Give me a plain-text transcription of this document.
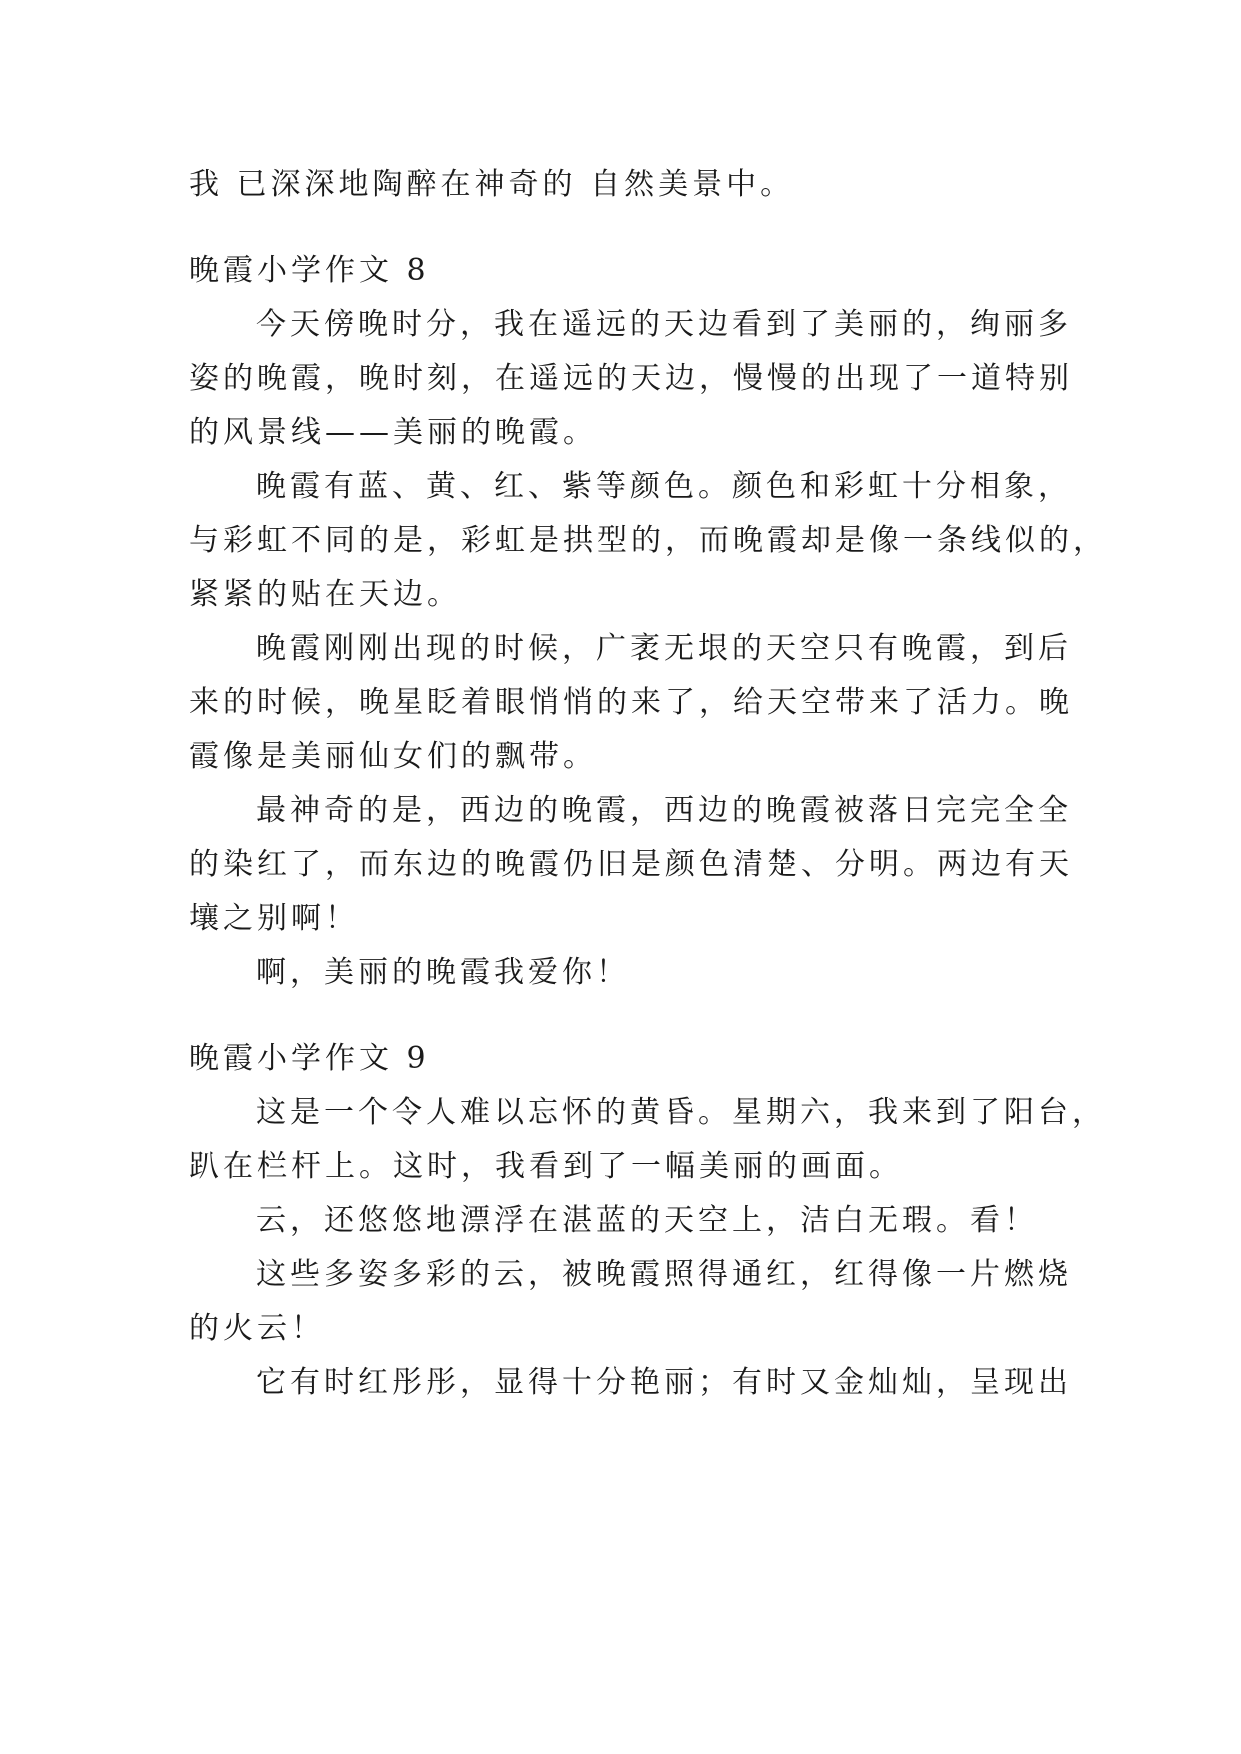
我 已深深地陶醉在神奇的 自然美景中。
晚霞小学作文 8
今天傍晚时分，我在遥远的天边看到了美丽的，绚丽多
姿的晚霞，晚时刻，在遥远的天边，慢慢的出现了一道特别
的风景线——美丽的晚霞。
晚霞有蓝、黄、红、紫等颜色。颜色和彩虹十分相象，
与彩虹不同的是，彩虹是拱型的，而晚霞却是像一条线似的，
紧紧的贴在天边。
晚霞刚刚出现的时候，广袤无垠的天空只有晚霞，到后
来的时候，晚星眨着眼悄悄的来了，给天空带来了活力。晚
霞像是美丽仙女们的飘带。
最神奇的是，西边的晚霞，西边的晚霞被落日完完全全
的染红了，而东边的晚霞仍旧是颜色清楚、分明。两边有天
壤之别啊！
啊，美丽的晚霞我爱你！
晚霞小学作文 9
这是一个令人难以忘怀的黄昏。星期六，我来到了阳台，
趴在栏杆上。这时，我看到了一幅美丽的画面。
云，还悠悠地漂浮在湛蓝的天空上，洁白无瑕。看！
这些多姿多彩的云，被晚霞照得通红，红得像一片燃烧
的火云！
它有时红彤彤，显得十分艳丽；有时又金灿灿，呈现出
